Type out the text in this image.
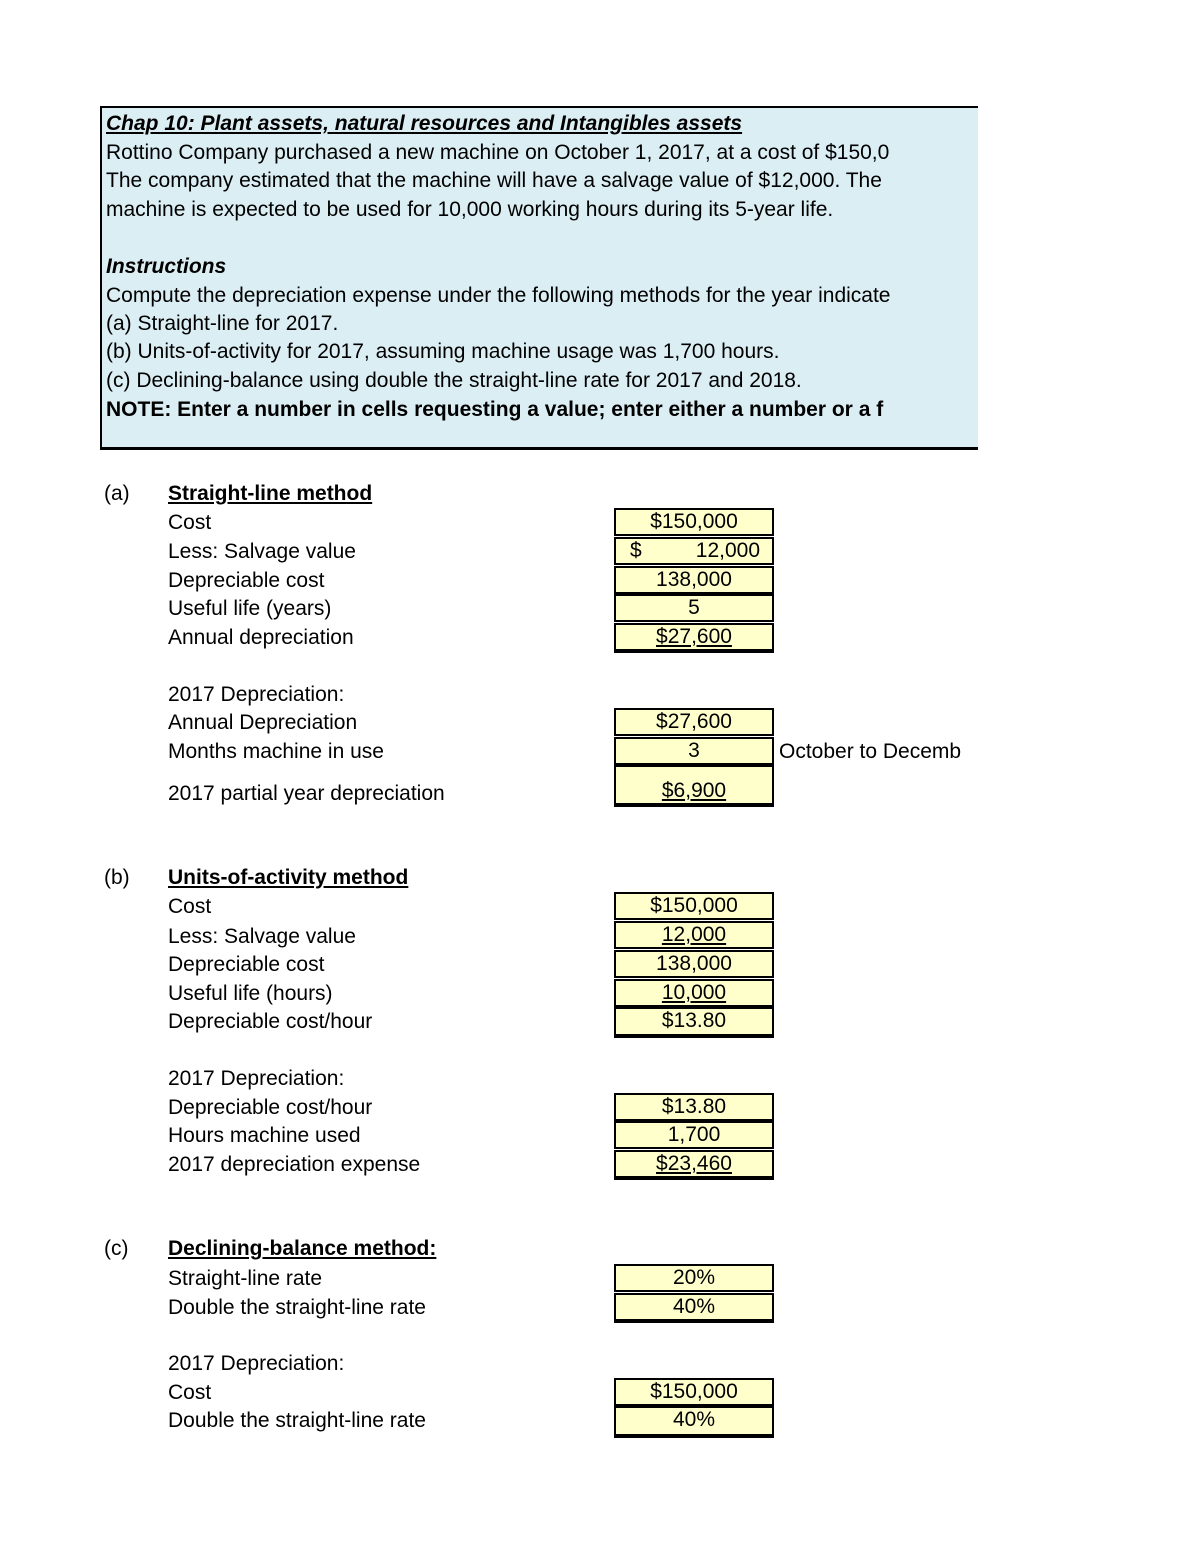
Chap 10: Plant assets, natural resources and Intangibles assets
Rottino Company purchased a new machine on October 1, 2017, at a cost of $150,0
The company estimated that the machine will have a salvage value of $12,000. The
machine is expected to be used for 10,000 working hours during its 5-year life.
Instructions
Compute the depreciation expense under the following methods for the year indicate
(a) Straight-line for 2017.
(b) Units-of-activity for 2017, assuming machine usage was 1,700 hours.
(c) Declining-balance using double the straight-line rate for 2017 and 2018.
NOTE: Enter a number in cells requesting a value; enter either a number or a f
(a) Straight-line method
Cost
Less: Salvage value
Depreciable cost
Useful life (years)
Annual depreciation
$150,000
$	12,000
138,000
5
$27,600
2017 Depreciation:
Annual Depreciation
Months machine in use
2017 partial year depreciation
$27,600
3	October to Decemb
$6,900
(b) Units-of-activity method
Cost
Less: Salvage value
Depreciable cost
Useful life (hours)
Depreciable cost/hour
$150,000
12,000
138,000
10,000
$13.80
2017 Depreciation:
Depreciable cost/hour
Hours machine used
2017 depreciation expense
$13.80
1,700
$23,460
(c) Declining-balance method:
Straight-line rate
Double the straight-line rate
20%
40%
2017 Depreciation:
Cost
Double the straight-line rate
$150,000
40%
